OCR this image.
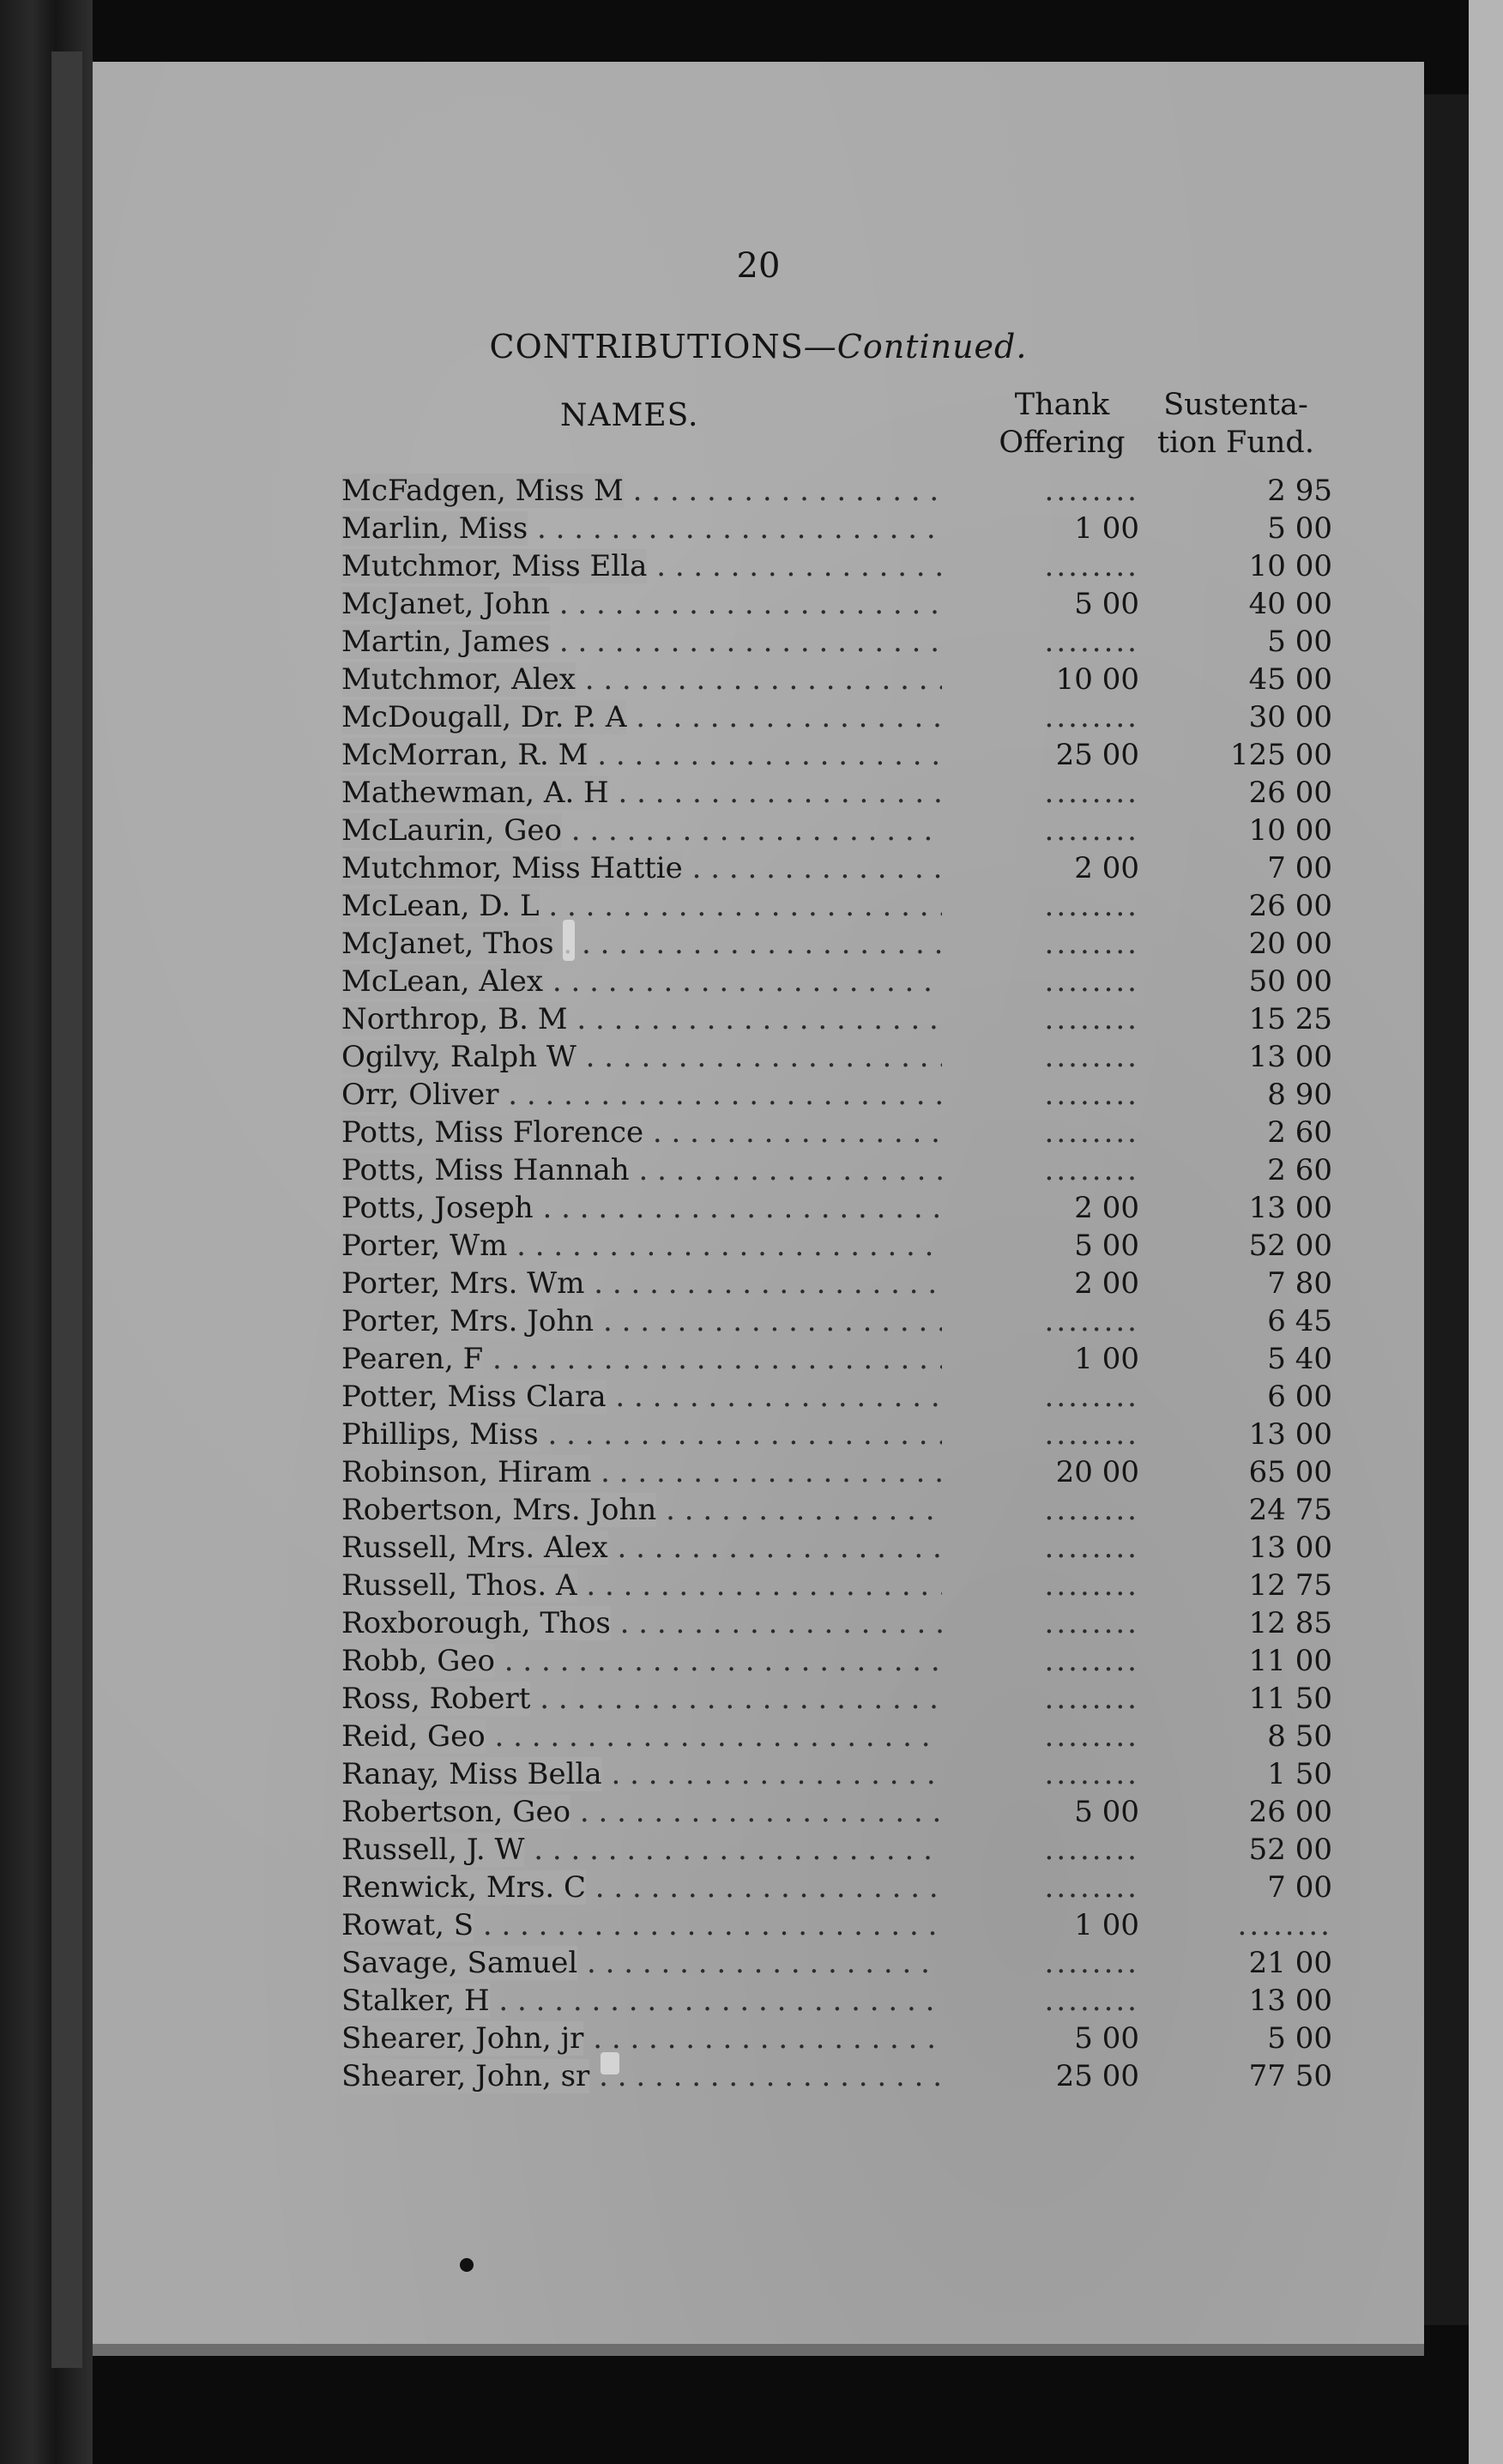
20
CONTRIBUTIONS—Continued.
NAMES.	Thank
Offering
Sustenta-
tion Fund.
McFadgen, Miss M . . .	........	2 95
Marlin, Miss . . .	1 00	5 00
Mutchmor, Miss Ella . . .	........	10 00
McJanet, John . . .	5 00	40 00
Martin, James . . .	........	5 00
Mutchmor, Alex . . .	10 00	45 00
McDougall, Dr. P. A . . .	........	30 00
McMorran, R. M . . .	25 00	125 00
Mathewman, A. H . . .	........	26 00
McLaurin, Geo . . .	........	10 00
Mutchmor, Miss Hattie . . .	2 00	7 00
McLean, D. L . . .	........	26 00
McJanet, Thos . . .	........	20 00
McLean, Alex . . .	........	50 00
Northrop, B. M . . .	........	15 25
Ogilvy, Ralph W . . .	........	13 00
Orr, Oliver . . .	........	8 90
Potts, Miss Florence . . .	........	2 60
Potts, Miss Hannah . . .	........	2 60
Potts, Joseph . . .	2 00	13 00
Porter, Wm . . .	5 00	52 00
Porter, Mrs. Wm . . .	2 00	7 80
Porter, Mrs. John . . .	........	6 45
Pearen, F . . .	1 00	5 40
Potter, Miss Clara . . .	........	6 00
Phillips, Miss . . .	........	13 00
Robinson, Hiram . . .	20 00	65 00
Robertson, Mrs. John . . .	........	24 75
Russell, Mrs. Alex . . .	........	13 00
Russell, Thos. A . . .	........	12 75
Roxborough, Thos . . .	........	12 85
Robb, Geo . . .	........	11 00
Ross, Robert . . .	........	11 50
Reid, Geo . . .	........	8 50
Ranay, Miss Bella . . .	........	1 50
Robertson, Geo . . .	5 00	26 00
Russell, J. W . . .	........	52 00
Renwick, Mrs. C . . .	........	7 00
Rowat, S . . .	1 00	........
Savage, Samuel . . .	........	21 00
Stalker, H . . .	........	13 00
Shearer, John, jr . . .	5 00	5 00
Shearer, John, sr . . .	25 00	77 50
